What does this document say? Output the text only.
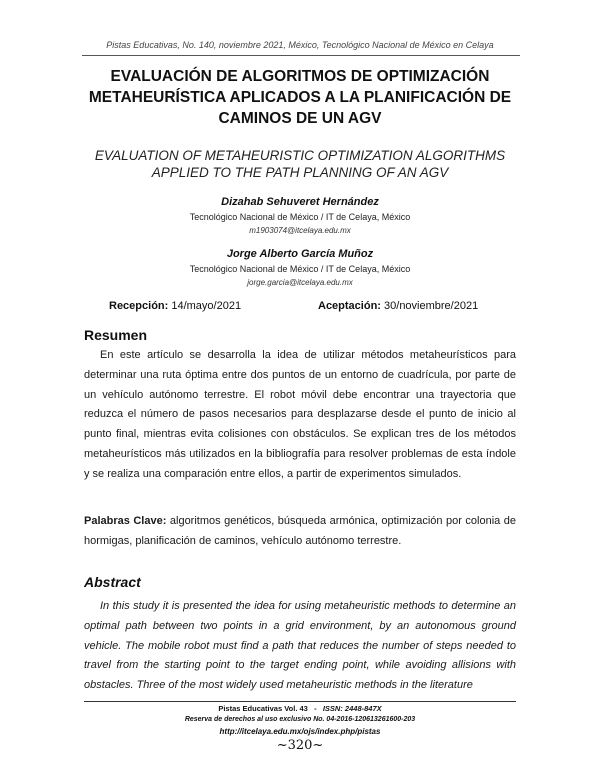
Pistas Educativas, No. 140, noviembre 2021, México, Tecnológico Nacional de México en Celaya
EVALUACIÓN DE ALGORITMOS DE OPTIMIZACIÓN METAHEURÍSTICA APLICADOS A LA PLANIFICACIÓN DE CAMINOS DE UN AGV
EVALUATION OF METAHEURISTIC OPTIMIZATION ALGORITHMS APPLIED TO THE PATH PLANNING OF AN AGV
Dizahab Sehuveret Hernández
Tecnológico Nacional de México / IT de Celaya, México
m1903074@itcelaya.edu.mx
Jorge Alberto García Muñoz
Tecnológico Nacional de México / IT de Celaya, México
jorge.garcia@itcelaya.edu.mx
Recepción: 14/mayo/2021	Aceptación: 30/noviembre/2021
Resumen
En este artículo se desarrolla la idea de utilizar métodos metaheurísticos para determinar una ruta óptima entre dos puntos de un entorno de cuadrícula, por parte de un vehículo autónomo terrestre. El robot móvil debe encontrar una trayectoria que reduzca el número de pasos necesarios para desplazarse desde el punto de inicio al punto final, mientras evita colisiones con obstáculos. Se explican tres de los métodos metaheurísticos más utilizados en la bibliografía para resolver problemas de esta índole y se realiza una comparación entre ellos, a partir de experimentos simulados.
Palabras Clave: algoritmos genéticos, búsqueda armónica, optimización por colonia de hormigas, planificación de caminos, vehículo autónomo terrestre.
Abstract
In this study it is presented the idea for using metaheuristic methods to determine an optimal path between two points in a grid environment, by an autonomous ground vehicle. The mobile robot must find a path that reduces the number of steps needed to travel from the starting point to the target ending point, while avoiding allisions with obstacles. Three of the most widely used metaheuristic methods in the literature
Pistas Educativas Vol. 43   -   ISSN: 2448-847X
Reserva de derechos al uso exclusivo No. 04-2016-120613261600-203
http://itcelaya.edu.mx/ojs/index.php/pistas
~320~
